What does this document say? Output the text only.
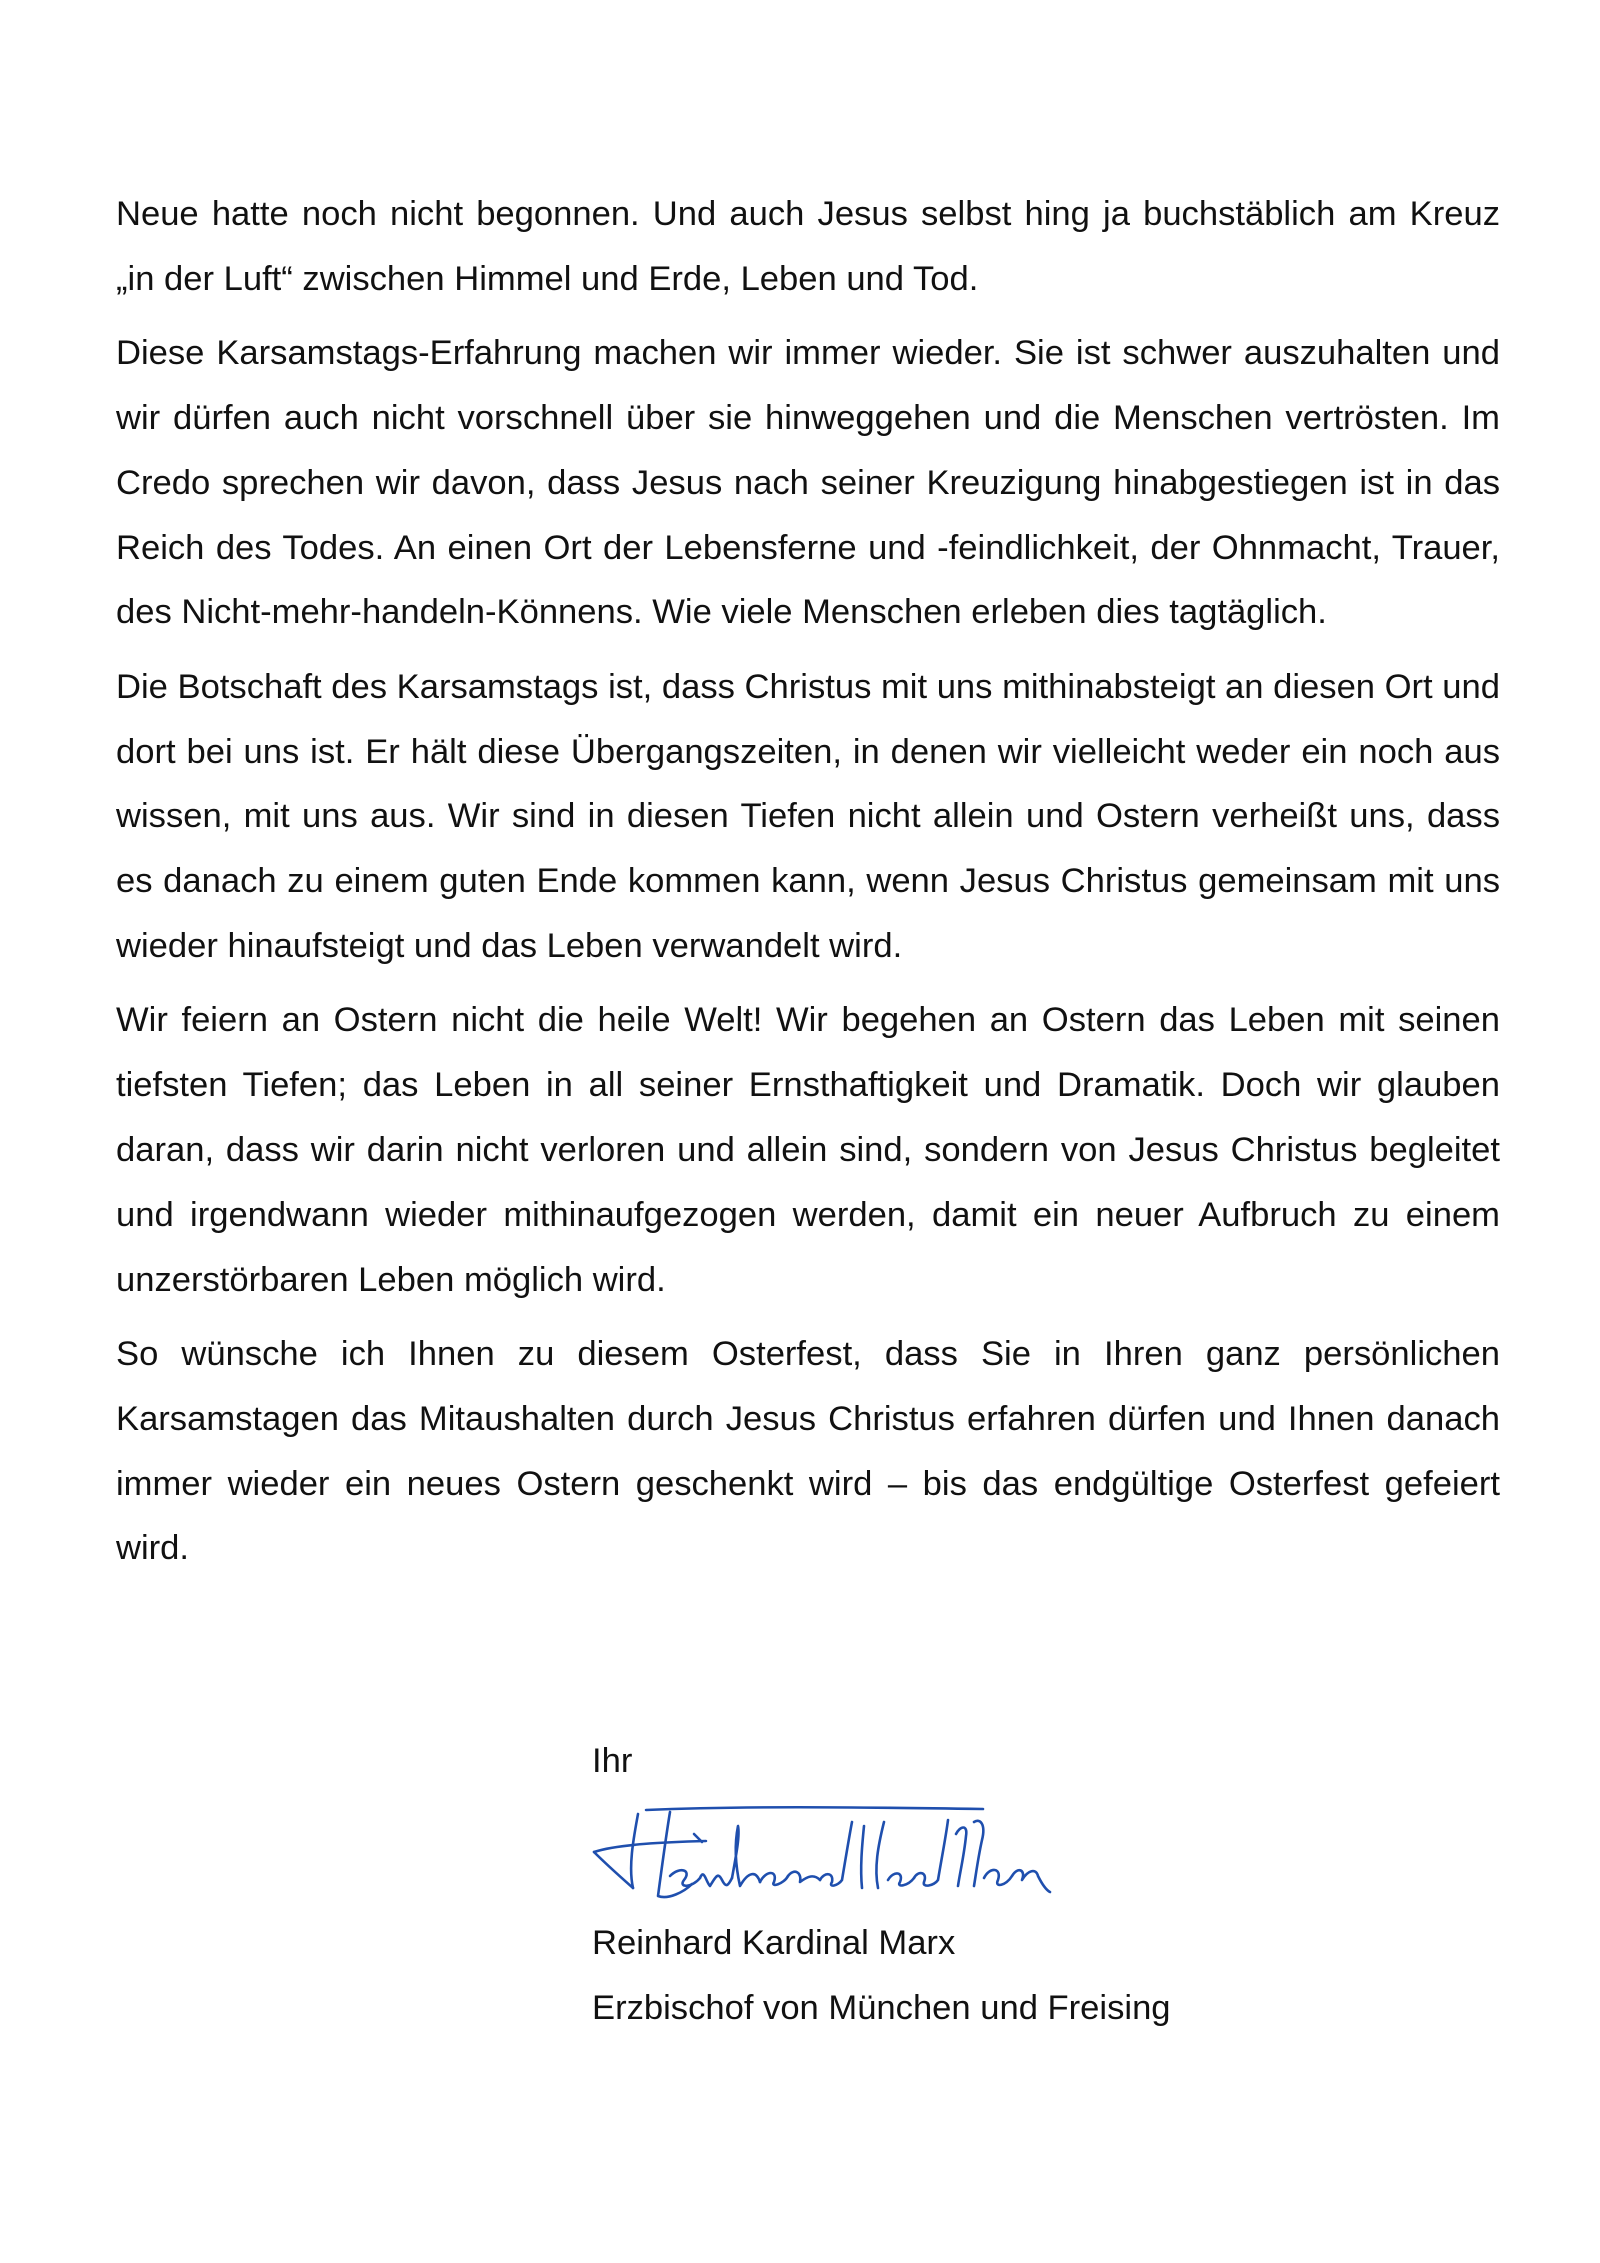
Neue hatte noch nicht begonnen. Und auch Jesus selbst hing ja buchstäblich am Kreuz „in der Luft“ zwischen Himmel und Erde, Leben und Tod.

Diese Karsamstags-Erfahrung machen wir immer wieder. Sie ist schwer auszuhalten und wir dürfen auch nicht vorschnell über sie hinweggehen und die Menschen vertrösten. Im Credo sprechen wir davon, dass Jesus nach seiner Kreuzigung hinabgestiegen ist in das Reich des Todes. An einen Ort der Lebensferne und -feindlichkeit, der Ohnmacht, Trauer, des Nicht-mehr-handeln-Könnens. Wie viele Menschen erleben dies tagtäglich.

Die Botschaft des Karsamstags ist, dass Christus mit uns mithinabsteigt an diesen Ort und dort bei uns ist. Er hält diese Übergangszeiten, in denen wir vielleicht weder ein noch aus wissen, mit uns aus. Wir sind in diesen Tiefen nicht allein und Ostern verheißt uns, dass es danach zu einem guten Ende kommen kann, wenn Jesus Christus gemeinsam mit uns wieder hinaufsteigt und das Leben verwandelt wird.

Wir feiern an Ostern nicht die heile Welt! Wir begehen an Ostern das Leben mit seinen tiefsten Tiefen; das Leben in all seiner Ernsthaftigkeit und Dramatik. Doch wir glauben daran, dass wir darin nicht verloren und allein sind, sondern von Jesus Christus begleitet und irgendwann wieder mithinaufgezogen werden, damit ein neuer Aufbruch zu einem unzerstörbaren Leben möglich wird.

So wünsche ich Ihnen zu diesem Osterfest, dass Sie in Ihren ganz persönlichen Karsamstagen das Mitaushalten durch Jesus Christus erfahren dürfen und Ihnen danach immer wieder ein neues Ostern geschenkt wird – bis das endgültige Osterfest gefeiert wird.

Ihr
Reinhard Kardinal Marx
Erzbischof von München und Freising
